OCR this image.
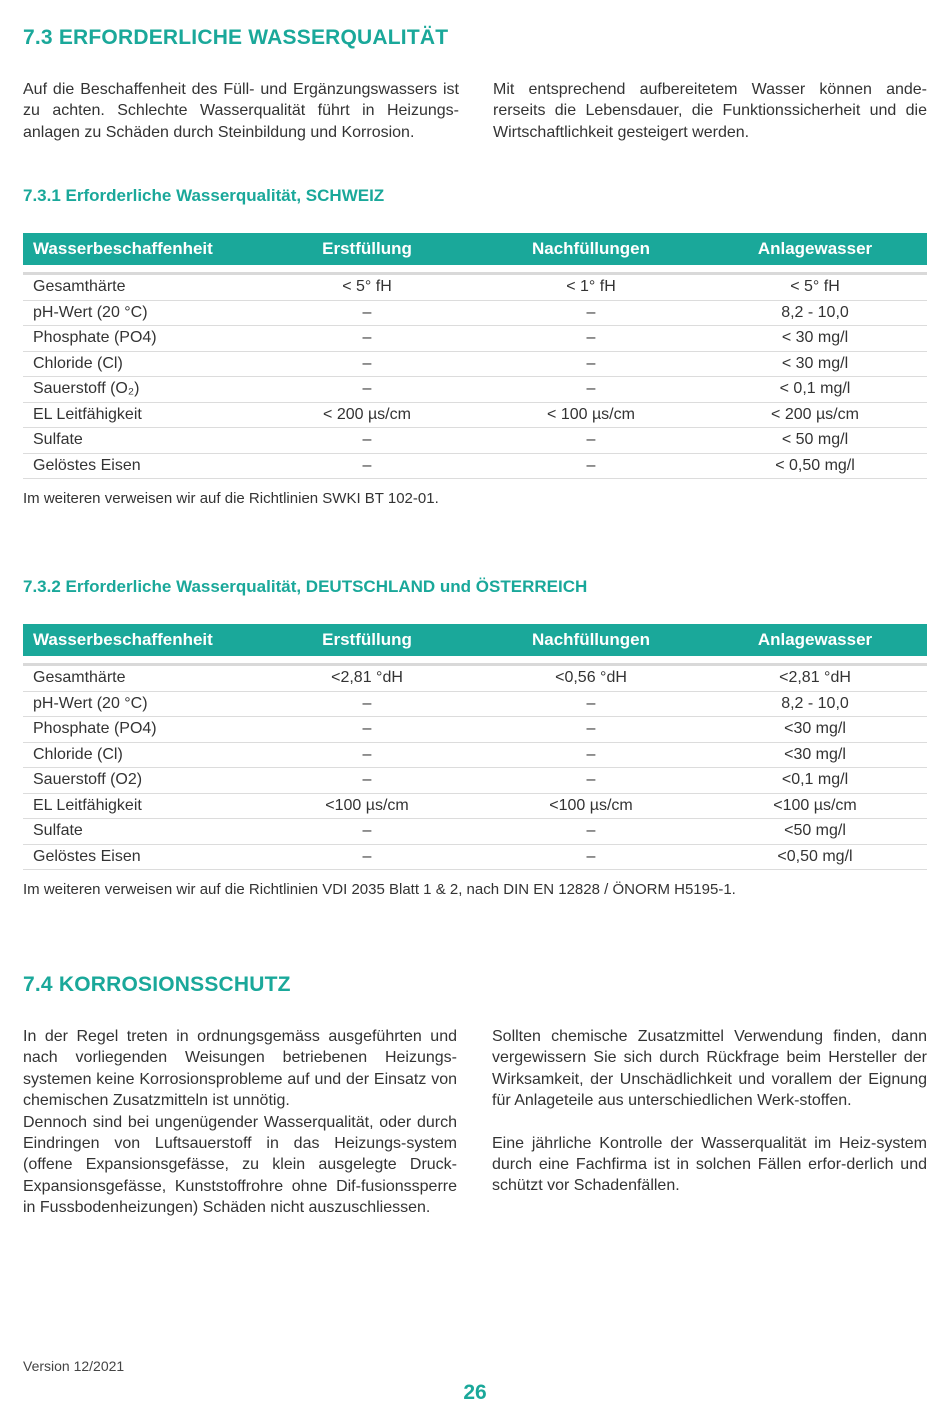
7.3 ERFORDERLICHE WASSERQUALITÄT

Auf die Beschaffenheit des Füll- und Ergänzungswassers ist zu achten. Schlechte Wasserqualität führt in Heizungs-anlagen zu Schäden durch Steinbildung und Korrosion.

Mit entsprechend aufbereitetem Wasser können ande-rerseits die Lebensdauer, die Funktionssicherheit und die Wirtschaftlichkeit gesteigert werden.

7.3.1 Erforderliche Wasserqualität, SCHWEIZ
Wasserbeschaffenheit	Erstfüllung	Nachfüllungen	Anlagewasser

Gesamthärte	< 5° fH	< 1° fH	< 5° fH
pH-Wert (20 °C)	–	–	8,2 - 10,0
Phosphate (PO4)	–	–	< 30 mg/l
Chloride (Cl)	–	–	< 30 mg/l
Sauerstoff (O₂)	–	–	< 0,1 mg/l
EL Leitfähigkeit	< 200 µs/cm	< 100 µs/cm	< 200 µs/cm
Sulfate	–	–	< 50 mg/l
Gelöstes Eisen	–	–	< 0,50 mg/l

Im weiteren verweisen wir auf die Richtlinien SWKI BT 102-01.

7.3.2 Erforderliche Wasserqualität, DEUTSCHLAND und ÖSTERREICH
Wasserbeschaffenheit	Erstfüllung	Nachfüllungen	Anlagewasser

Gesamthärte	<2,81 °dH	<0,56 °dH	<2,81 °dH
pH-Wert (20 °C)	–	–	8,2 - 10,0
Phosphate (PO4)	–	–	<30 mg/l
Chloride (Cl)	–	–	<30 mg/l
Sauerstoff (O2)	–	–	<0,1 mg/l
EL Leitfähigkeit	<100 µs/cm	<100 µs/cm	<100 µs/cm
Sulfate	–	–	<50 mg/l
Gelöstes Eisen	–	–	<0,50 mg/l

Im weiteren verweisen wir auf die Richtlinien VDI 2035 Blatt 1 & 2, nach DIN EN 12828 / ÖNORM H5195-1.

7.4 KORROSIONSSCHUTZ

In der Regel treten in ordnungsgemäss ausgeführten und nach vorliegenden Weisungen betriebenen Heizungs-systemen keine Korrosionsprobleme auf und der Einsatz von chemischen Zusatzmitteln ist unnötig.

Dennoch sind bei ungenügender Wasserqualität, oder durch Eindringen von Luftsauerstoff in das Heizungs-system (offene Expansionsgefässe, zu klein ausgelegte Druck-Expansionsgefässe, Kunststoffrohre ohne Dif-fusionssperre in Fussbodenheizungen) Schäden nicht auszuschliessen.

Sollten chemische Zusatzmittel Verwendung finden, dann vergewissern Sie sich durch Rückfrage beim Hersteller der Wirksamkeit, der Unschädlichkeit und vorallem der Eignung für Anlageteile aus unterschiedlichen Werk-stoffen.

Eine jährliche Kontrolle der Wasserqualität im Heiz-system durch eine Fachfirma ist in solchen Fällen erfor-derlich und schützt vor Schadenfällen.

Version 12/2021
26
